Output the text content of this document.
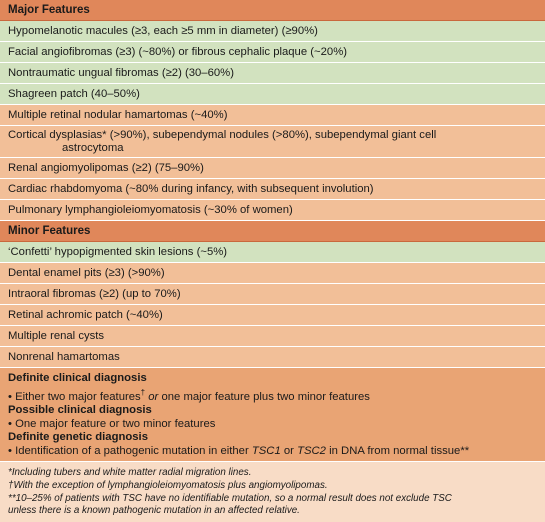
Major Features
Hypomelanotic macules (≥3, each ≥5 mm in diameter) (≥90%)
Facial angiofibromas (≥3) (~80%) or fibrous cephalic plaque (~20%)
Nontraumatic ungual fibromas (≥2) (30–60%)
Shagreen patch (40–50%)
Multiple retinal nodular hamartomas (~40%)
Cortical dysplasias* (>90%), subependymal nodules (>80%), subependymal giant cell
astrocytoma
Renal angiomyolipomas (≥2) (75–90%)
Cardiac rhabdomyoma (~80% during infancy, with subsequent involution)
Pulmonary lymphangioleiomyomatosis (~30% of women)
Minor Features
‘Confetti’ hypopigmented skin lesions (~5%)
Dental enamel pits (≥3) (>90%)
Intraoral fibromas (≥2) (up to 70%)
Retinal achromic patch (~40%)
Multiple renal cysts
Nonrenal hamartomas
Definite clinical diagnosis
• Either two major features† or one major feature plus two minor features
Possible clinical diagnosis
• One major feature or two minor features
Definite genetic diagnosis
• Identification of a pathogenic mutation in either TSC1 or TSC2 in DNA from normal tissue**
*Including tubers and white matter radial migration lines.
†With the exception of lymphangioleiomyomatosis plus angiomyolipomas.
**10–25% of patients with TSC have no identifiable mutation, so a normal result does not exclude TSC
unless there is a known pathogenic mutation in an affected relative.
